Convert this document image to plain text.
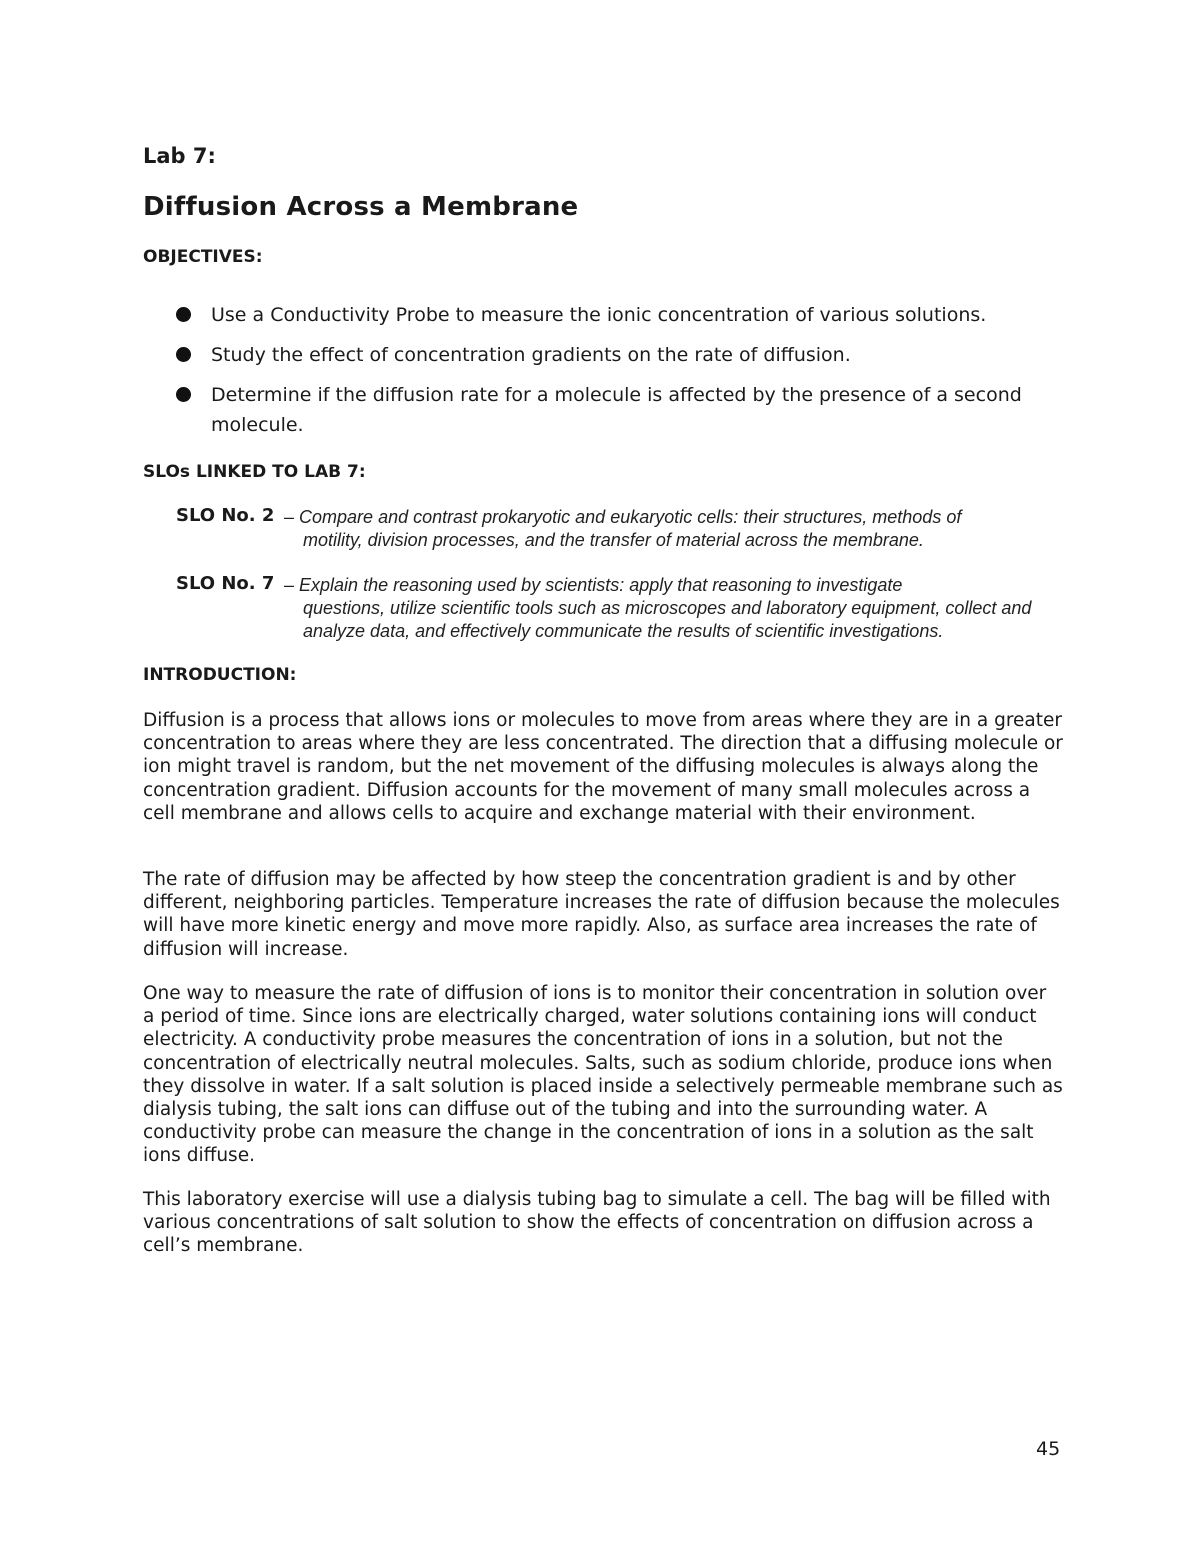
Lab 7:
Diffusion Across a Membrane
OBJECTIVES:
Use a Conductivity Probe to measure the ionic concentration of various solutions.
Study the effect of concentration gradients on the rate of diffusion.
Determine if the diffusion rate for a molecule is affected by the presence of a second molecule.
SLOs LINKED TO LAB 7:
SLO No. 2 – Compare and contrast prokaryotic and eukaryotic cells: their structures, methods of
motility, division processes, and the transfer of material across the membrane.
SLO No. 7 – Explain the reasoning used by scientists: apply that reasoning to investigate
questions, utilize scientific tools such as microscopes and laboratory equipment, collect and analyze data, and effectively communicate the results of scientific investigations.
INTRODUCTION:

Diffusion is a process that allows ions or molecules to move from areas where they are in a greater concentration to areas where they are less concentrated. The direction that a diffusing molecule or ion might travel is random, but the net movement of the diffusing molecules is always along the concentration gradient. Diffusion accounts for the movement of many small molecules across a cell membrane and allows cells to acquire and exchange material with their environment.

The rate of diffusion may be affected by how steep the concentration gradient is and by other different, neighboring particles. Temperature increases the rate of diffusion because the molecules will have more kinetic energy and move more rapidly. Also, as surface area increases the rate of diffusion will increase.

One way to measure the rate of diffusion of ions is to monitor their concentration in solution over a period of time. Since ions are electrically charged, water solutions containing ions will conduct electricity. A conductivity probe measures the concentration of ions in a solution, but not the concentration of electrically neutral molecules. Salts, such as sodium chloride, produce ions when they dissolve in water. If a salt solution is placed inside a selectively permeable membrane such as dialysis tubing, the salt ions can diffuse out of the tubing and into the surrounding water. A conductivity probe can measure the change in the concentration of ions in a solution as the salt ions diffuse.

This laboratory exercise will use a dialysis tubing bag to simulate a cell. The bag will be filled with various concentrations of salt solution to show the effects of concentration on diffusion across a cell’s membrane.

45
